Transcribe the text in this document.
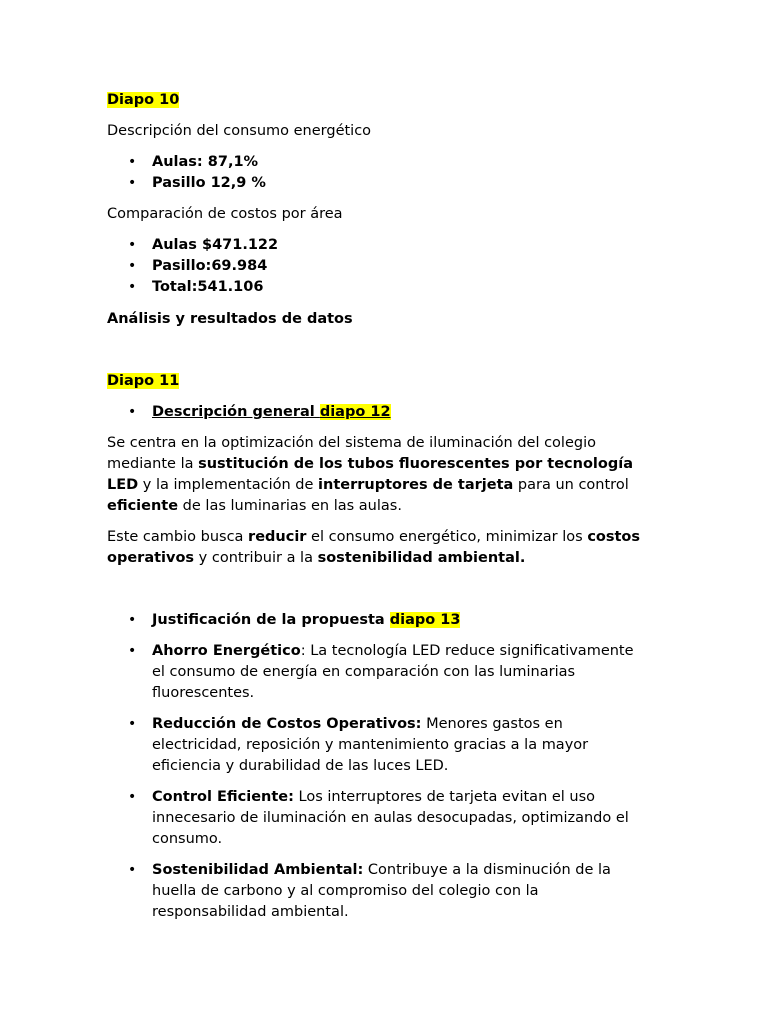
Diapo 10
Descripción del consumo energético
• Aulas: 87,1%
• Pasillo 12,9 %
Comparación de costos por área
• Aulas $471.122
• Pasillo:69.984
• Total:541.106
Análisis y resultados de datos
Diapo 11
• Descripción general diapo 12
Se centra en la optimización del sistema de iluminación del colegio
mediante la sustitución de los tubos fluorescentes por tecnología
LED y la implementación de interruptores de tarjeta para un control
eficiente de las luminarias en las aulas.
Este cambio busca reducir el consumo energético, minimizar los costos
operativos y contribuir a la sostenibilidad ambiental.
• Justificación de la propuesta diapo 13
• Ahorro Energético: La tecnología LED reduce significativamente
el consumo de energía en comparación con las luminarias
fluorescentes.
• Reducción de Costos Operativos: Menores gastos en
electricidad, reposición y mantenimiento gracias a la mayor
eficiencia y durabilidad de las luces LED.
• Control Eficiente: Los interruptores de tarjeta evitan el uso
innecesario de iluminación en aulas desocupadas, optimizando el
consumo.
• Sostenibilidad Ambiental: Contribuye a la disminución de la
huella de carbono y al compromiso del colegio con la
responsabilidad ambiental.
